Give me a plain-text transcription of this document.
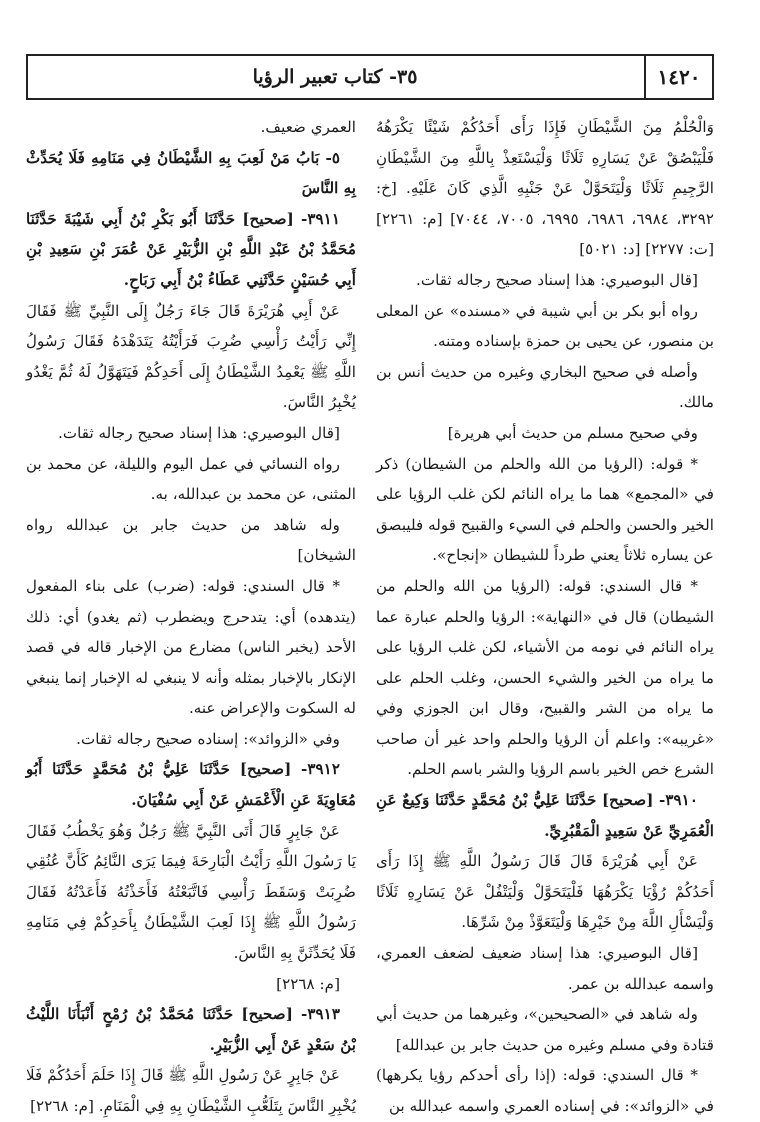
١٤٢٠
٣٥- كتاب تعبير الرؤيا

وَالْحُلْمُ مِنَ الشَّيْطَانِ فَإِذَا رَأَى أَحَدُكُمْ شَيْئًا يَكْرَهُهُ فَلْيَبْصُقْ عَنْ يَسَارِهِ ثَلَاثًا وَلْيَسْتَعِذْ بِاللَّهِ مِنَ الشَّيْطَانِ الرَّجِيمِ ثَلَاثًا وَلْيَتَحَوَّلْ عَنْ جَنْبِهِ الَّذِي كَانَ عَلَيْهِ. [خ: ٣٢٩٢، ٦٩٨٤، ٦٩٨٦، ٦٩٩٥، ٧٠٠٥، ٧٠٤٤] [م: ٢٢٦١] [ت: ٢٢٧٧] [د: ٥٠٢١]

[قال البوصيري: هذا إسناد صحيح رجاله ثقات.

رواه أبو بكر بن أبي شيبة في «مسنده» عن المعلى بن منصور، عن يحيى بن حمزة بإسناده ومتنه.

وأصله في صحيح البخاري وغيره من حديث أنس بن مالك.

وفي صحيح مسلم من حديث أبي هريرة]

* قوله: (الرؤيا من الله والحلم من الشيطان) ذكر في «المجمع» هما ما يراه النائم لكن غلب الرؤيا على الخير والحسن والحلم في السيء والقبيح قوله فليبصق عن يساره ثلاثاً يعني طرداً للشيطان «إنجاح».

* قال السندي: قوله: (الرؤيا من الله والحلم من الشيطان) قال في «النهاية»: الرؤيا والحلم عبارة عما يراه النائم في نومه من الأشياء، لكن غلب الرؤيا على ما يراه من الخير والشيء الحسن، وغلب الحلم على ما يراه من الشر والقبيح، وقال ابن الجوزي وفي «غريبه»: واعلم أن الرؤيا والحلم واحد غير أن صاحب الشرع خص الخير باسم الرؤيا والشر باسم الحلم.

٣٩١٠- [صحيح] حَدَّثَنَا عَلِيُّ بْنُ مُحَمَّدٍ حَدَّثَنَا وَكِيعٌ عَنِ الْعُمَرِيِّ عَنْ سَعِيدٍ الْمَقْبُرِيِّ.

عَنْ أَبِي هُرَيْرَةَ قَالَ قَالَ رَسُولُ اللَّهِ ﷺ إِذَا رَأَى أَحَدُكُمْ رُؤْيَا يَكْرَهُهَا فَلْيَتَحَوَّلْ وَلْيَتْفُلْ عَنْ يَسَارِهِ ثَلَاثًا وَلْيَسْأَلِ اللَّهَ مِنْ خَيْرِهَا وَلْيَتَعَوَّذْ مِنْ شَرِّهَا.

[قال البوصيري: هذا إسناد ضعيف لضعف العمري، واسمه عبدالله بن عمر.

وله شاهد في «الصحيحين»، وغيرهما من حديث أبي قتادة وفي مسلم وغيره من حديث جابر بن عبدالله]

* قال السندي: قوله: (إذا رأى أحدكم رؤيا يكرهها) في «الزوائد»: في إسناده العمري واسمه عبدالله بن

العمري ضعيف.

٥- بَابُ مَنْ لَعِبَ بِهِ الشَّيْطَانُ فِي مَنَامِهِ فَلَا يُحَدِّثْ بِهِ النَّاسَ

٣٩١١- [صحيح] حَدَّثَنَا أَبُو بَكْرِ بْنُ أَبِي شَيْبَةَ حَدَّثَنَا مُحَمَّدُ بْنُ عَبْدِ اللَّهِ بْنِ الزُّبَيْرِ عَنْ عُمَرَ بْنِ سَعِيدِ بْنِ أَبِي حُسَيْنٍ حَدَّثَنِي عَطَاءُ بْنُ أَبِي رَبَاحٍ.

عَنْ أَبِي هُرَيْرَةَ قَالَ جَاءَ رَجُلٌ إِلَى النَّبِيِّ ﷺ فَقَالَ إِنِّي رَأَيْتُ رَأْسِي ضُرِبَ فَرَأَيْتُهُ يَتَدَهْدَهُ فَقَالَ رَسُولُ اللَّهِ ﷺ يَعْمِدُ الشَّيْطَانُ إِلَى أَحَدِكُمْ فَيَتَهَوَّلُ لَهُ ثُمَّ يَغْدُو يُخْبِرُ النَّاسَ.

[قال البوصيري: هذا إسناد صحيح رجاله ثقات.

رواه النسائي في عمل اليوم والليلة، عن محمد بن المثنى، عن محمد بن عبدالله، به.

وله شاهد من حديث جابر بن عبدالله رواه الشيخان]

* قال السندي: قوله: (ضرب) على بناء المفعول (يتدهده) أي: يتدحرج ويضطرب (ثم يغدو) أي: ذلك الأحد (يخبر الناس) مضارع من الإخبار قاله في قصد الإنكار بالإخبار بمثله وأنه لا ينبغي له الإخبار إنما ينبغي له السكوت والإعراض عنه.

وفي «الزوائد»: إسناده صحيح رجاله ثقات.

٣٩١٢- [صحيح] حَدَّثَنَا عَلِيُّ بْنُ مُحَمَّدٍ حَدَّثَنَا أَبُو مُعَاوِيَةَ عَنِ الْأَعْمَشِ عَنْ أَبِي سُفْيَانَ.

عَنْ جَابِرٍ قَالَ أَتَى النَّبِيَّ ﷺ رَجُلٌ وَهُوَ يَخْطُبُ فَقَالَ يَا رَسُولَ اللَّهِ رَأَيْتُ الْبَارِحَةَ فِيمَا يَرَى النَّائِمُ كَأَنَّ عُنُقِي ضُرِبَتْ وَسَقَطَ رَأْسِي فَاتَّبَعْتُهُ فَأَخَذْتُهُ فَأَعَدْتُهُ فَقَالَ رَسُولُ اللَّهِ ﷺ إِذَا لَعِبَ الشَّيْطَانُ بِأَحَدِكُمْ فِي مَنَامِهِ فَلَا يُحَدِّثَنَّ بِهِ النَّاسَ.

[م: ٢٢٦٨]

٣٩١٣- [صحيح] حَدَّثَنَا مُحَمَّدُ بْنُ رُمْحٍ أَنْبَأَنَا اللَّيْثُ بْنُ سَعْدٍ عَنْ أَبِي الزُّبَيْرِ.

عَنْ جَابِرٍ عَنْ رَسُولِ اللَّهِ ﷺ قَالَ إِذَا حَلَمَ أَحَدُكُمْ فَلَا يُخْبِرِ النَّاسَ بِتَلَعُّبِ الشَّيْطَانِ بِهِ فِي الْمَنَامِ. [م: ٢٢٦٨]
